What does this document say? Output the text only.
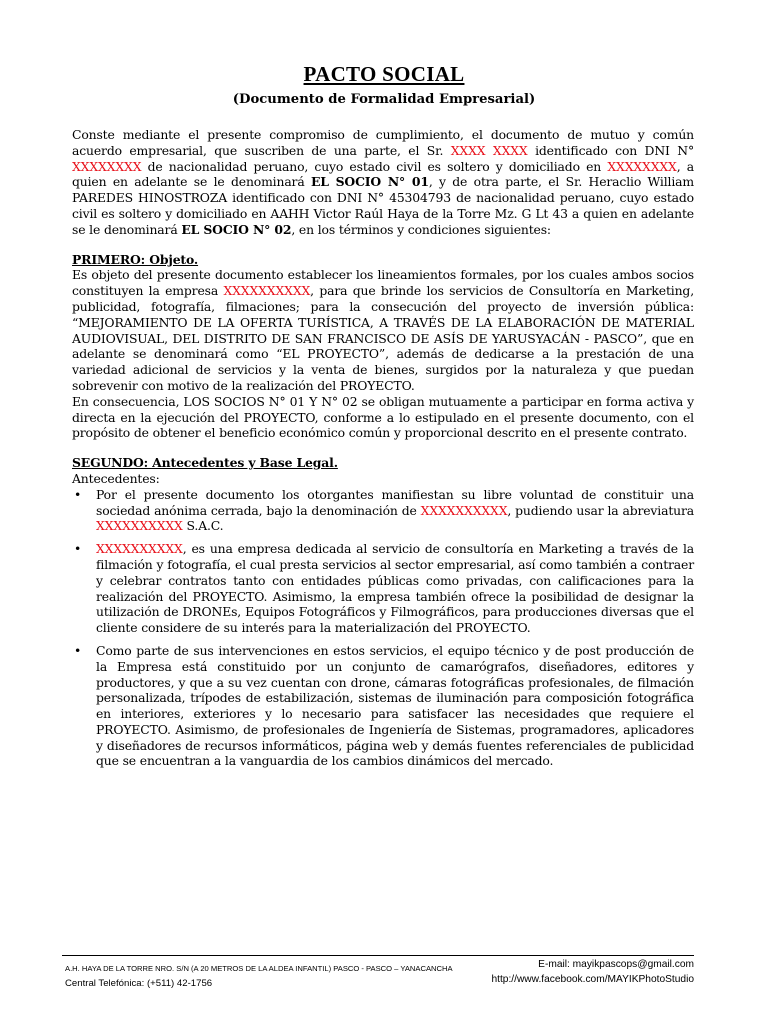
PACTO SOCIAL
(Documento de Formalidad Empresarial)

Conste mediante el presente compromiso de cumplimiento, el documento de mutuo y común acuerdo empresarial, que suscriben de una parte, el Sr. XXXX XXXX identificado con DNI N° XXXXXXXX de nacionalidad peruano, cuyo estado civil es soltero y domiciliado en XXXXXXXX, a quien en adelante se le denominará EL SOCIO N° 01, y de otra parte, el Sr. Heraclio William PAREDES HINOSTROZA identificado con DNI N° 45304793 de nacionalidad peruano, cuyo estado civil es soltero y domiciliado en AAHH Victor Raúl Haya de la Torre Mz. G Lt 43 a quien en adelante se le denominará EL SOCIO N° 02, en los términos y condiciones siguientes:

PRIMERO: Objeto.

Es objeto del presente documento establecer los lineamientos formales, por los cuales ambos socios constituyen la empresa XXXXXXXXXX, para que brinde los servicios de Consultoría en Marketing, publicidad, fotografía, filmaciones; para la consecución del proyecto de inversión pública: “MEJORAMIENTO DE LA OFERTA TURÍSTICA, A TRAVÉS DE LA ELABORACIÓN DE MATERIAL AUDIOVISUAL, DEL DISTRITO DE SAN FRANCISCO DE ASÍS DE YARUSYACÁN - PASCO”, que en adelante se denominará como “EL PROYECTO”, además de dedicarse a la prestación de una variedad adicional de servicios y la venta de bienes, surgidos por la naturaleza y que puedan sobrevenir con motivo de la realización del PROYECTO.

En consecuencia, LOS SOCIOS N° 01 Y N° 02 se obligan mutuamente a participar en forma activa y directa en la ejecución del PROYECTO, conforme a lo estipulado en el presente documento, con el propósito de obtener el beneficio económico común y proporcional descrito en el presente contrato.

SEGUNDO: Antecedentes y Base Legal.

Antecedentes:

• Por el presente documento los otorgantes manifiestan su libre voluntad de constituir una sociedad anónima cerrada, bajo la denominación de XXXXXXXXXX, pudiendo usar la abreviatura XXXXXXXXXX S.A.C.
• XXXXXXXXXX, es una empresa dedicada al servicio de consultoría en Marketing a través de la filmación y fotografía, el cual presta servicios al sector empresarial, así como también a contraer y celebrar contratos tanto con entidades públicas como privadas, con calificaciones para la realización del PROYECTO. Asimismo, la empresa también ofrece la posibilidad de designar la utilización de DRONEs, Equipos Fotográficos y Filmográficos, para producciones diversas que el cliente considere de su interés para la materialización del PROYECTO.
• Como parte de sus intervenciones en estos servicios, el equipo técnico y de post producción de la Empresa está constituido por un conjunto de camarógrafos, diseñadores, editores y productores, y que a su vez cuentan con drone, cámaras fotográficas profesionales, de filmación personalizada, trípodes de estabilización, sistemas de iluminación para composición fotográfica en interiores, exteriores y lo necesario para satisfacer las necesidades que requiere el PROYECTO. Asimismo, de profesionales de Ingeniería de Sistemas, programadores, aplicadores y diseñadores de recursos informáticos, página web y demás fuentes referenciales de publicidad que se encuentran a la vanguardia de los cambios dinámicos del mercado.
A.H. HAYA DE LA TORRE NRO. S/N (A 20 METROS DE LA ALDEA INFANTIL) PASCO - PASCO – YANACANCHA
Central Telefónica: (+511) 42-1756
E-mail: mayikpascops@gmail.com
http://www.facebook.com/MAYIKPhotoStudio
